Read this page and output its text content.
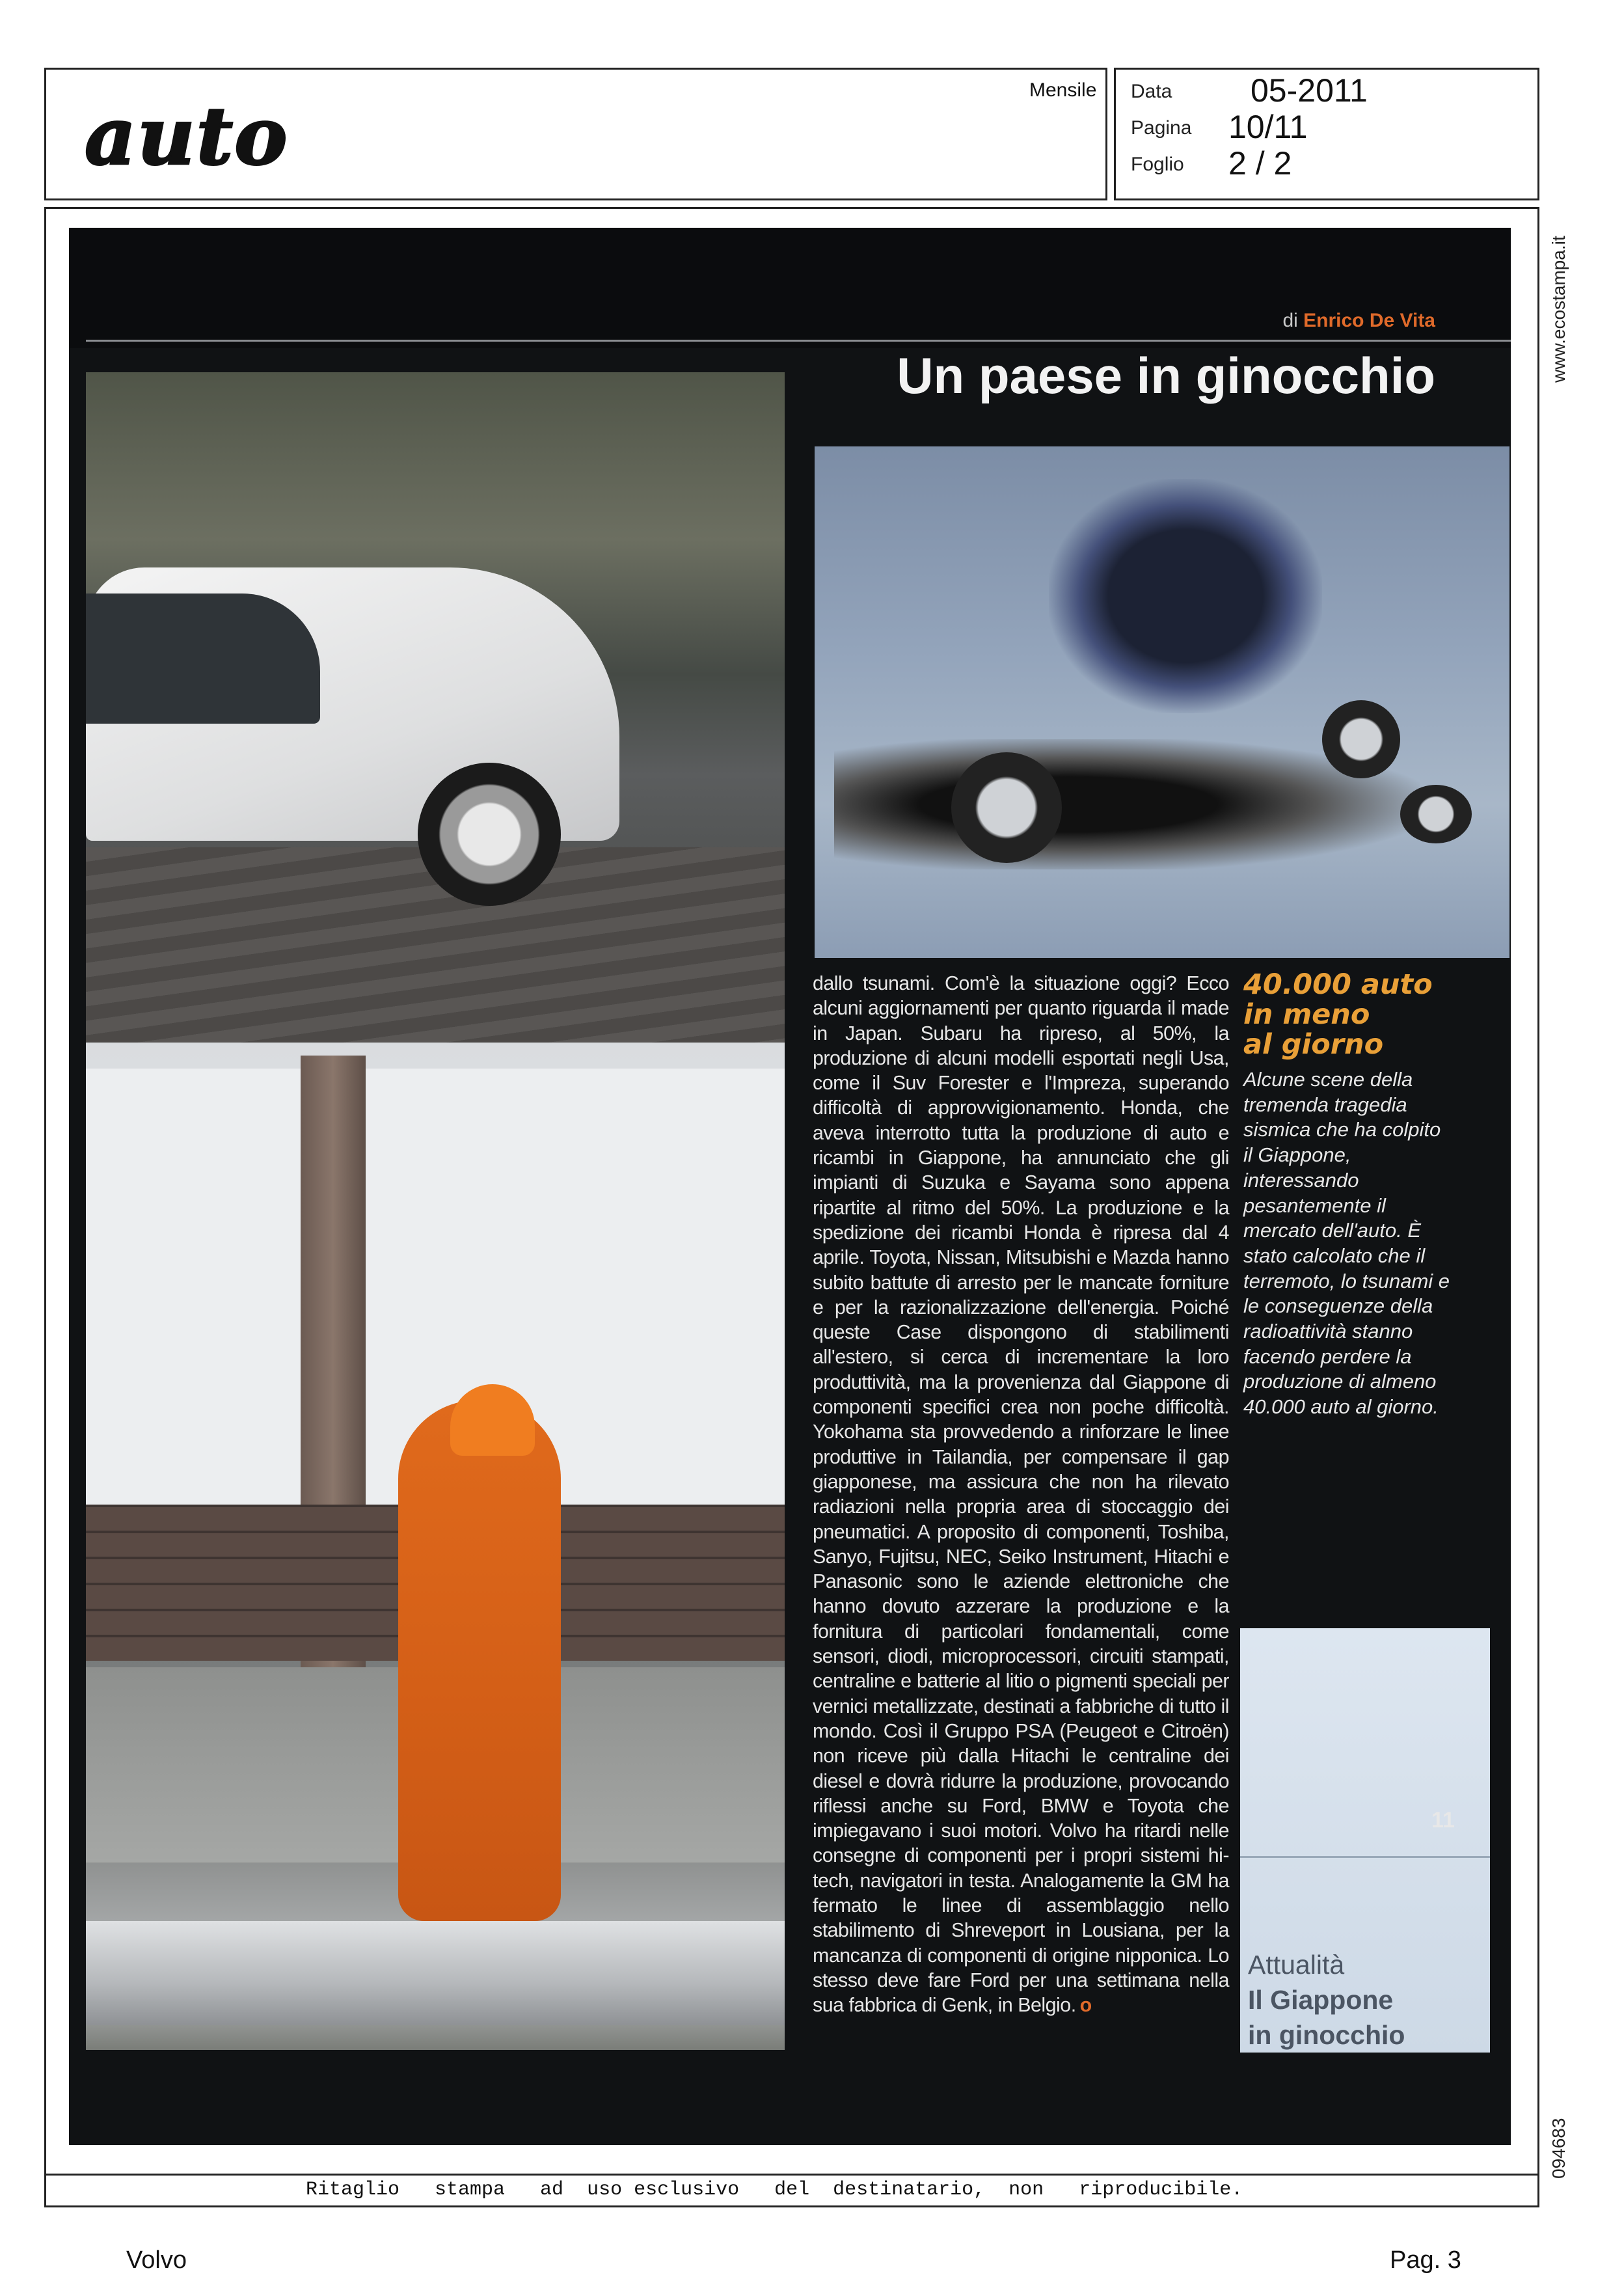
auto	Mensile Data 05-2011
Pagina 10/11
Foglio 2 / 2
di Enrico De Vita
Un paese in ginocchio
dallo tsunami. Com'è la situazione oggi? Ecco alcuni aggiornamenti per quanto riguarda il made in Japan. Subaru ha ripreso, al 50%, la produzione di alcuni modelli esportati negli Usa, come il Suv Forester e l'Impreza, superando difficoltà di approvvigionamento. Honda, che aveva interrotto tutta la produzione di auto e ricambi in Giappone, ha annunciato che gli impianti di Suzuka e Sayama sono appena ripartite al ritmo del 50%. La produzione e la spedizione dei ricambi Honda è ripresa dal 4 aprile. Toyota, Nissan, Mitsubishi e Mazda hanno subito battute di arresto per le mancate forniture e per la razionalizzazione dell'energia. Poiché queste Case dispongono di stabilimenti all'estero, si cerca di incrementare la loro produttività, ma la provenienza dal Giappone di componenti specifici crea non poche difficoltà. Yokohama sta provvedendo a rinforzare le linee produttive in Tailandia, per compensare il gap giapponese, ma assicura che non ha rilevato radiazioni nella propria area di stoccaggio dei pneumatici. A proposito di componenti, Toshiba, Sanyo, Fujitsu, NEC, Seiko Instrument, Hitachi e Panasonic sono le aziende elettroniche che hanno dovuto azzerare la produzione e la fornitura di particolari fondamentali, come sensori, diodi, microprocessori, circuiti stampati, centraline e batterie al litio o pigmenti speciali per vernici metallizzate, destinati a fabbriche di tutto il mondo. Così il Gruppo PSA (Peugeot e Citroën) non riceve più dalla Hitachi le centraline dei diesel e dovrà ridurre la produzione, provocando riflessi anche su Ford, BMW e Toyota che impiegavano i suoi motori. Volvo ha ritardi nelle consegne di componenti per i propri sistemi hi-tech, navigatori in testa. Analogamente la GM ha fermato le linee di assemblaggio nello stabilimento di Shreveport in Lousiana, per la mancanza di componenti di origine nipponica. Lo stesso deve fare Ford per una settimana nella sua fabbrica di Genk, in Belgio. o
40.000 auto
in meno
al giorno
Alcune scene della tremenda tragedia sismica che ha colpito il Giappone, interessando pesantemente il mercato dell'auto. È stato calcolato che il terremoto, lo tsunami e le conseguenze della radioattività stanno facendo perdere la produzione di almeno 40.000 auto al giorno.
11
Attualità
Il Giappone
in ginocchio
www.ecostampa.it
094683
Ritaglio   stampa   ad  uso esclusivo   del  destinatario,  non   riproducibile.
Volvo	Pag. 3
